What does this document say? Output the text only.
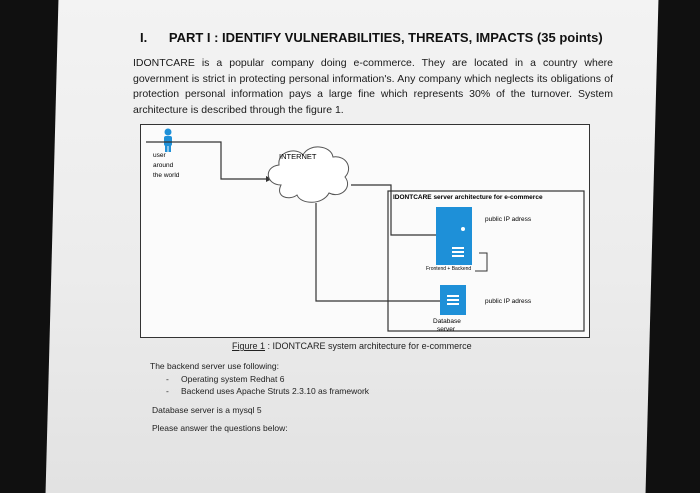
I. PART I : IDENTIFY VULNERABILITIES, THREATS, IMPACTS (35 points)
IDONTCARE is a popular company doing e-commerce. They are located in a country where government is strict in protecting personal information's. Any company which neglects its obligations of protection personal information pays a large fine which represents 30% of the turnover. System architecture is described through the figure 1.
user
around
the world
INTERNET
IDONTCARE server architecture for e-commerce
public IP adress
Frontend + Backend
public IP adress
Database
server
Figure 1 : IDONTCARE system architecture for e-commerce
The backend server use following:
- Operating system Redhat 6
- Backend uses Apache Struts 2.3.10 as framework
Database server is a mysql 5
Please answer the questions below:
